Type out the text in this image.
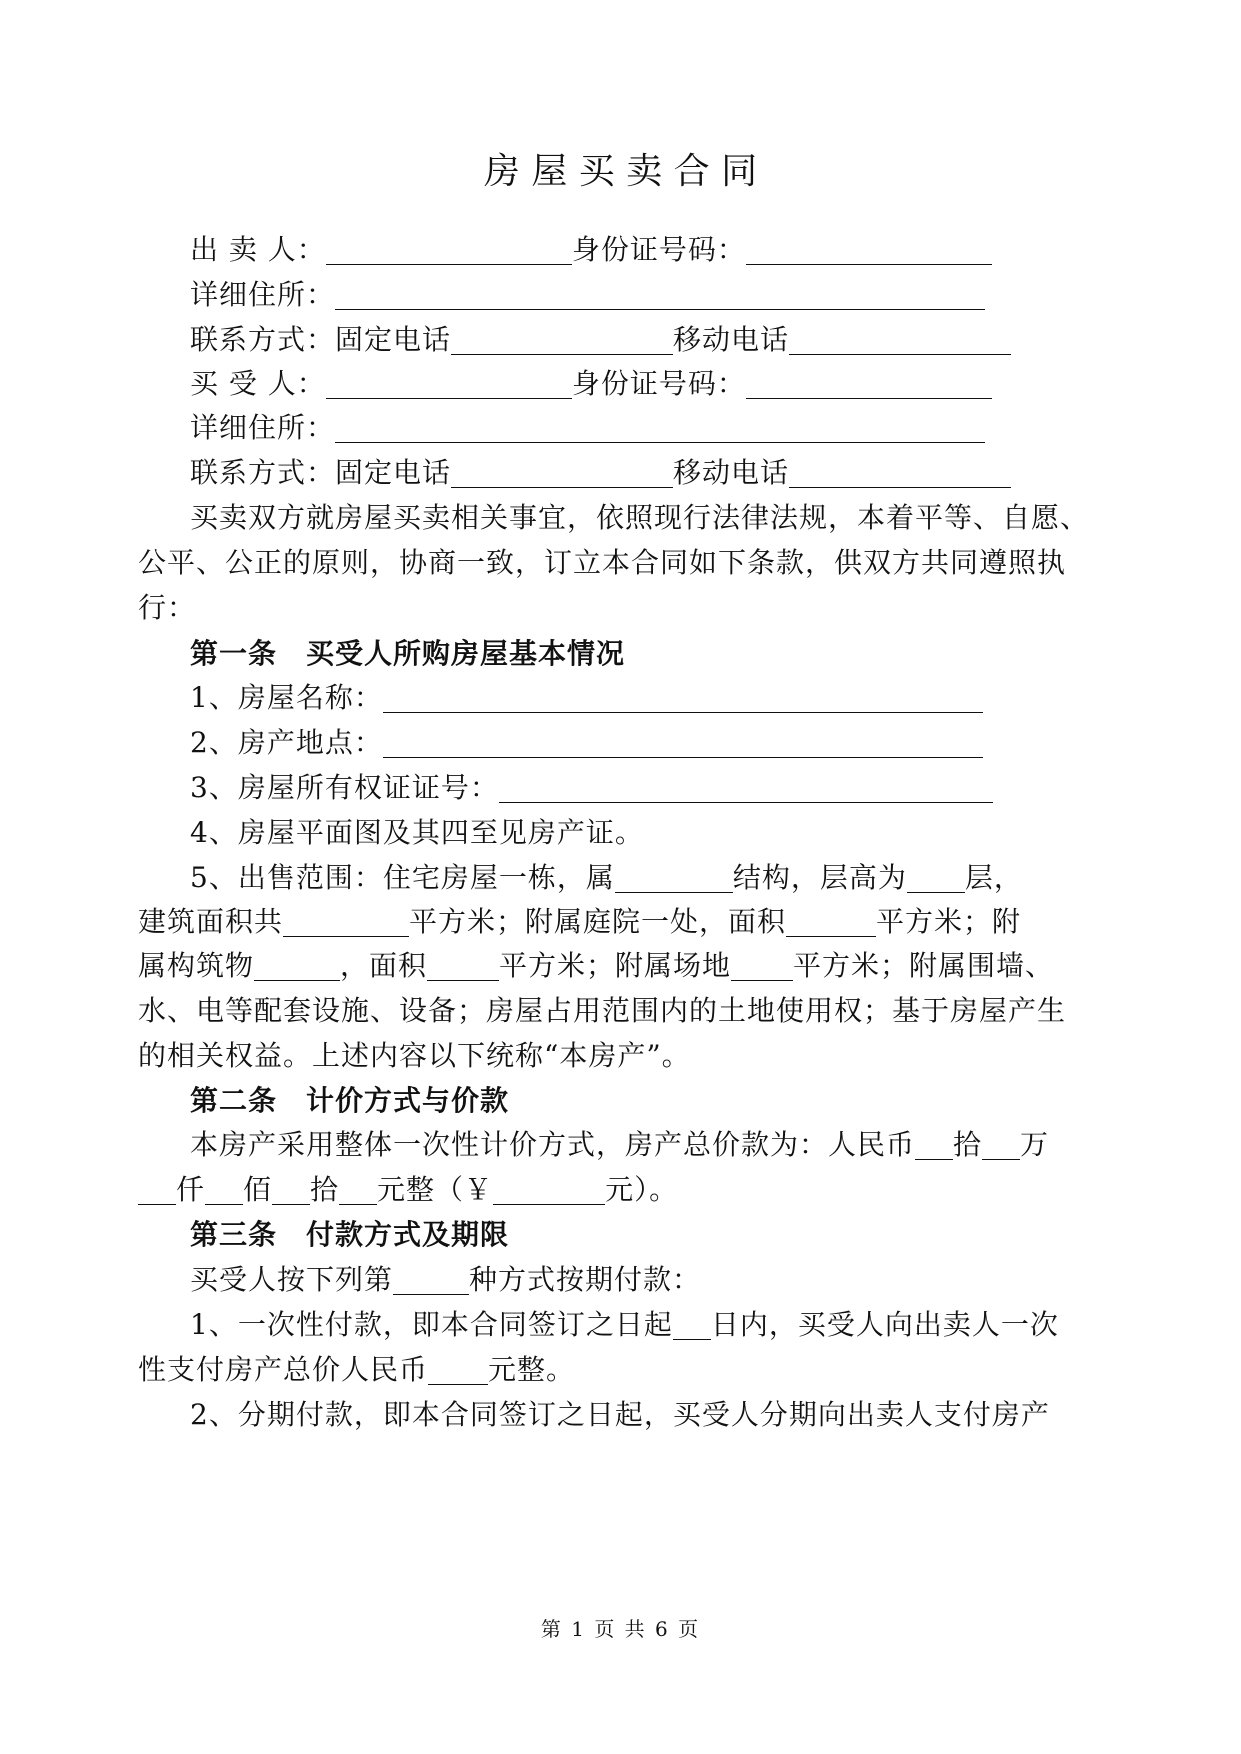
房 屋 买 卖 合 同
出 卖 人：	身份证号码：
详细住所：
联系方式：固定电话	移动电话
买 受 人：	身份证号码：
详细住所：
联系方式：固定电话	移动电话
买卖双方就房屋买卖相关事宜，依照现行法律法规，本着平等、自愿、
公平、公正的原则，协商一致，订立本合同如下条款，供双方共同遵照执
行：
第一条　买受人所购房屋基本情况
1、房屋名称：
2、房产地点：
3、房屋所有权证证号：
4、房屋平面图及其四至见房产证。
5、出售范围：住宅房屋一栋，属	结构，层高为 层，
建筑面积共	平方米；附属庭院一处，面积	平方米；附
属构筑物	，面积	平方米；附属场地 平方米；附属围墙、
水、电等配套设施、设备；房屋占用范围内的土地使用权；基于房屋产生
的相关权益。上述内容以下统称“本房产”。
第二条　计价方式与价款
本房产采用整体一次性计价方式，房产总价款为：人民币 拾 万
仟 佰 拾 元整（￥	元）。
第三条　付款方式及期限
买受人按下列第	种方式按期付款：
1、一次性付款，即本合同签订之日起 日内，买受人向出卖人一次
性支付房产总价人民币 元整。
2、分期付款，即本合同签订之日起，买受人分期向出卖人支付房产
第 1 页 共 6 页
